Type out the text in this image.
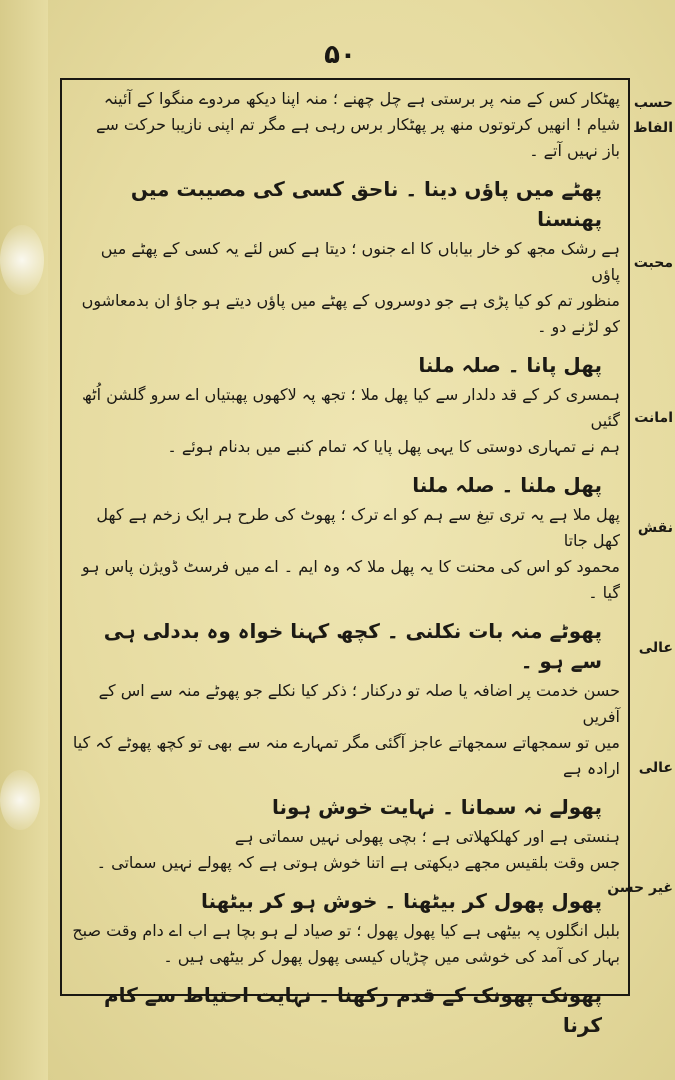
۵۰

پھٹکار کس کے منہ پر برستی ہے چل چھنے ؛ منہ اپنا دیکھ مردوے منگوا کے آئینہ

شیام ! انھیں کرتوتوں منھ پر پھٹکار برس رہی ہے مگر تم اپنی نازیبا حرکت سے

باز نہیں آتے ۔

پھٹے میں پاؤں دینا ۔ ناحق کسی کی مصیبت میں پھنسنا

ہے رشک مجھ کو خار بیاباں کا اے جنوں ؛ دیتا ہے کس لئے یہ کسی کے پھٹے میں پاؤں

منظور تم کو کیا پڑی ہے جو دوسروں کے پھٹے میں پاؤں دیتے ہو جاؤ ان بدمعاشوں

کو لڑنے دو ۔

پھل پانا ۔ صلہ ملنا

ہمسری کر کے قد دلدار سے کیا پھل ملا ؛ تجھ پہ لاکھوں پھبتیاں اے سرو گلشن اُٹھ گئیں

ہم نے تمہاری دوستی کا یہی پھل پایا کہ تمام کنبے میں بدنام ہوئے ۔

پھل ملنا ۔ صلہ ملنا

پھل ملا ہے یہ تری تیغ سے ہم کو اے ترک ؛ پھوٹ کی طرح ہر ایک زخم ہے کھل کھل جاتا

محمود کو اس کی محنت کا یہ پھل ملا کہ وہ ایم ۔ اے میں فرسٹ ڈویژن پاس ہو گیا ۔

پھوٹے منہ بات نکلنی ۔ کچھ کہنا خواہ وہ بددلی ہی سے ہو ۔

حسن خدمت پر اضافہ یا صلہ تو درکنار ؛ ذکر کیا نکلے جو پھوٹے منہ سے اس کے آفریں

میں تو سمجھاتے سمجھاتے عاجز آگئی مگر تمہارے منہ سے بھی تو کچھ پھوٹے کہ کیا ارادہ ہے

پھولے نہ سمانا ۔ نہایت خوش ہونا

ہنستی ہے اور کھلکھلاتی ہے ؛ بچی پھولی نہیں سماتی ہے

جس وقت بلقیس مجھے دیکھتی ہے اتنا خوش ہوتی ہے کہ پھولے نہیں سماتی ۔

پھول پھول کر بیٹھنا ۔ خوش ہو کر بیٹھنا

بلبل انگلوں پہ بیٹھی ہے کیا پھول پھول ؛ تو صیاد لے ہو بچا ہے اب اے دام وقت صبح

بہار کی آمد کی خوشی میں چڑیاں کیسی پھول پھول کر بیٹھی ہیں ۔

پھونک پھونک کے قدم رکھنا ۔ نہایت احتیاط سے کام کرنا
حسب
الفاظ
محبت
امانت
نقش
عالی
عالی
غیر حسن
